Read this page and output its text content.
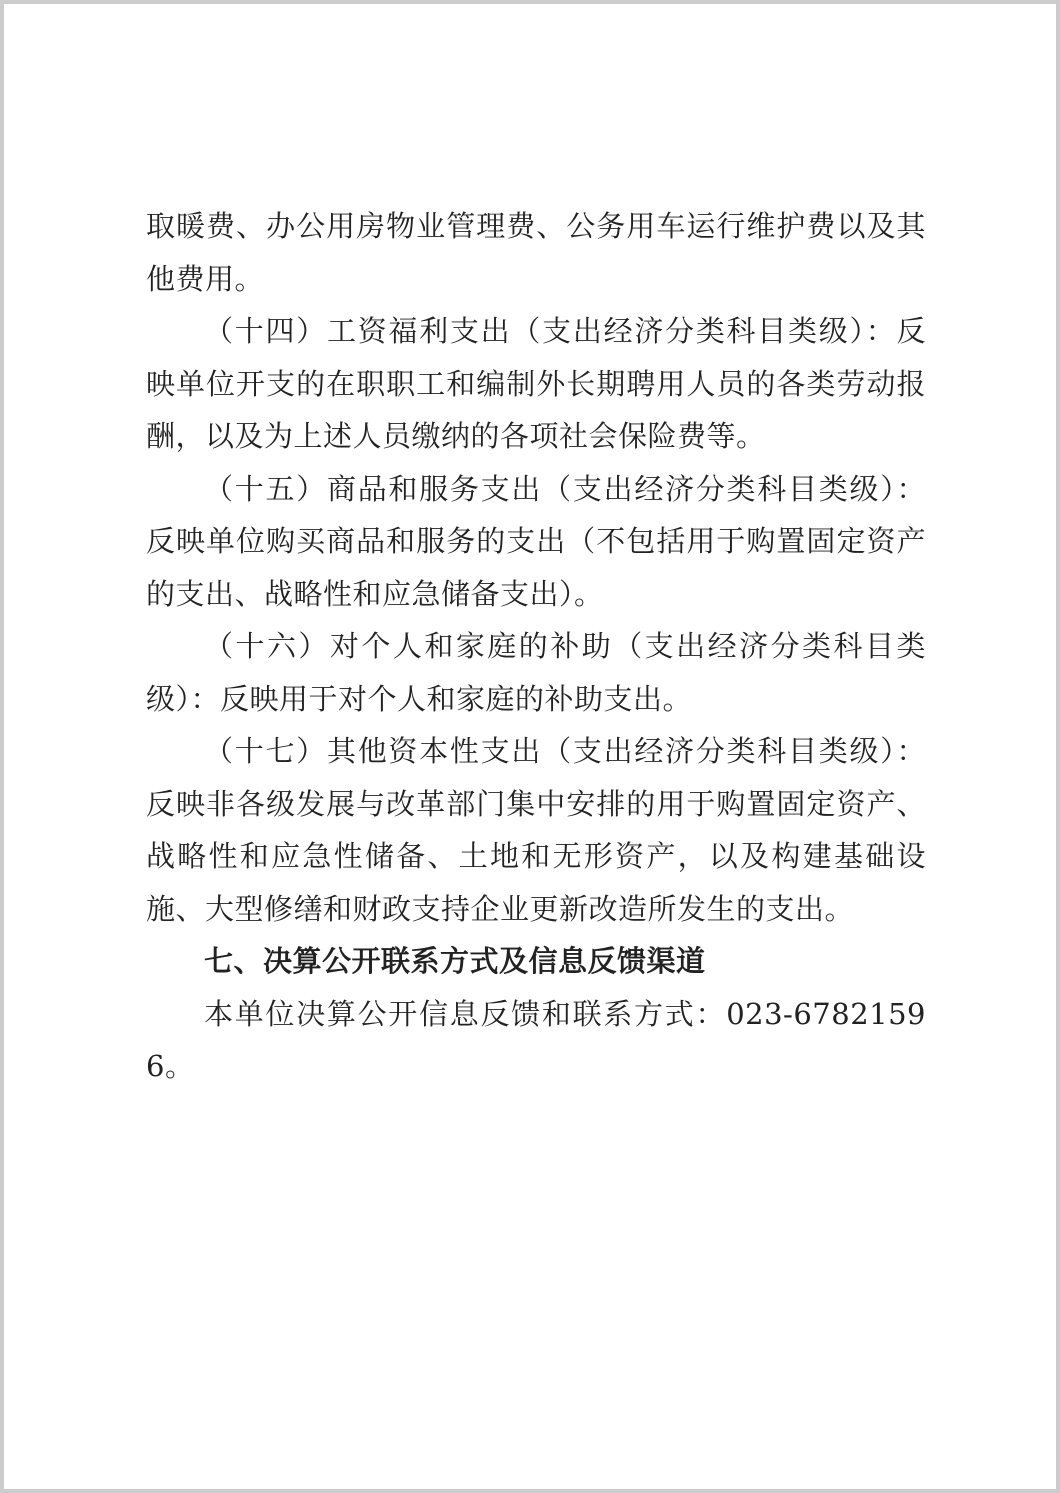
取暖费、办公用房物业管理费、公务用车运行维护费以及其他费用。

（十四）工资福利支出（支出经济分类科目类级）：反映单位开支的在职职工和编制外长期聘用人员的各类劳动报酬，以及为上述人员缴纳的各项社会保险费等。

（十五）商品和服务支出（支出经济分类科目类级）：反映单位购买商品和服务的支出（不包括用于购置固定资产的支出、战略性和应急储备支出）。

（十六）对个人和家庭的补助（支出经济分类科目类级）：反映用于对个人和家庭的补助支出。

（十七）其他资本性支出（支出经济分类科目类级）：反映非各级发展与改革部门集中安排的用于购置固定资产、战略性和应急性储备、土地和无形资产，以及构建基础设施、大型修缮和财政支持企业更新改造所发生的支出。

七、决算公开联系方式及信息反馈渠道

本单位决算公开信息反馈和联系方式：023-67821596。
